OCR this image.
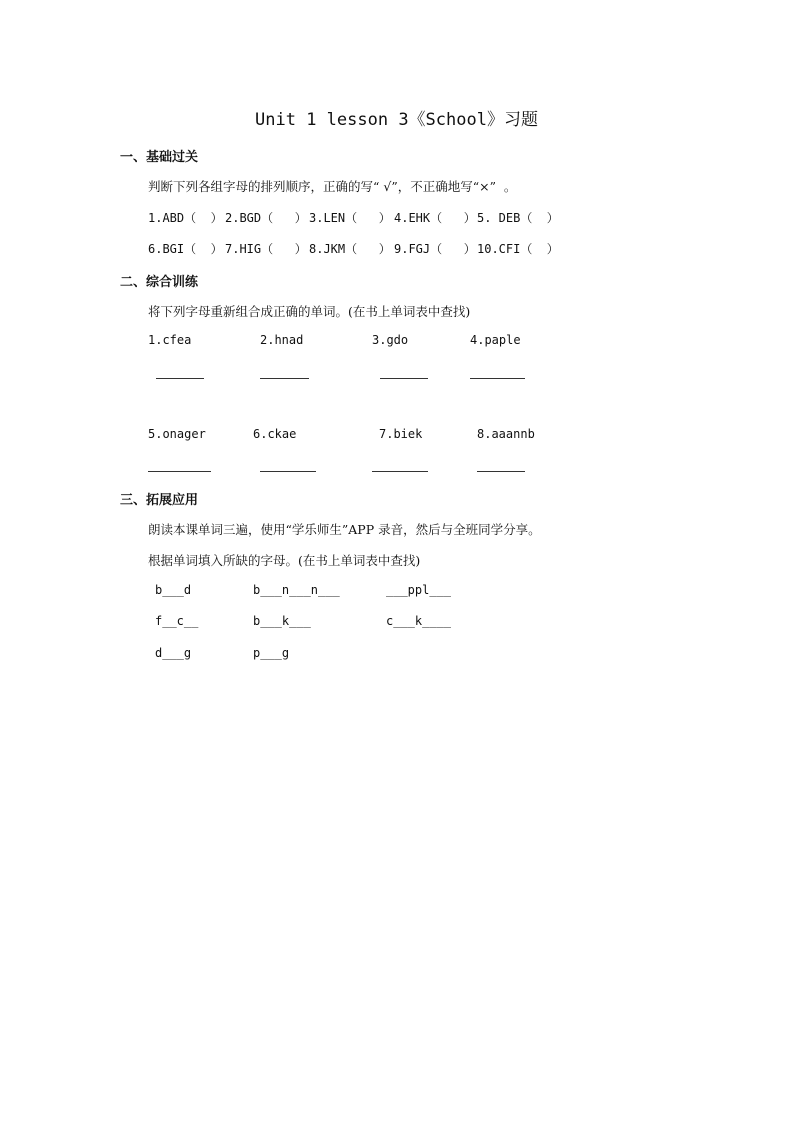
Unit 1 lesson 3《School》习题
一、基础过关
判断下列各组字母的排列顺序，正确的写“ √”，不正确地写“×”  。
1.ABD（  ） 2.BGD（   ） 3.LEN（   ） 4.EHK（   ） 5. DEB（  ）
6.BGI（  ） 7.HIG（   ） 8.JKM（   ） 9.FGJ（   ） 10.CFI（  ）
二、综合训练
将下列字母重新组合成正确的单词。(在书上单词表中查找)
1.cfea	2.hnad	3.gdo	4.paple
5.onager	6.ckae	7.biek	8.aaannb
三、拓展应用
朗读本课单词三遍，使用“学乐师生”APP 录音，然后与全班同学分享。
根据单词填入所缺的字母。(在书上单词表中查找)
b___d	b___n___n___	___ppl___
f__c__	b___k___	c___k____
d___g	p___g
